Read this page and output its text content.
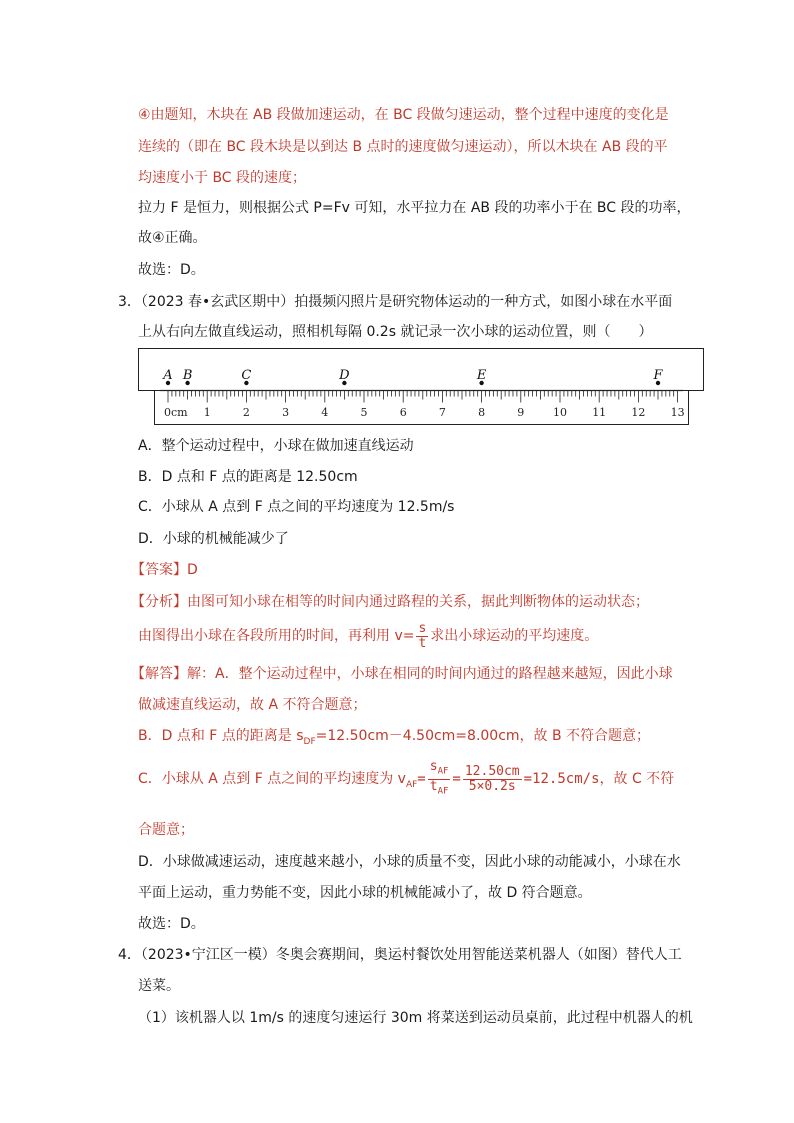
④由题知，木块在 AB 段做加速运动，在 BC 段做匀速运动，整个过程中速度的变化是
连续的（即在 BC 段木块是以到达 B 点时的速度做匀速运动），所以木块在 AB 段的平
均速度小于 BC 段的速度；
拉力 F 是恒力，则根据公式 P=Fv 可知，水平拉力在 AB 段的功率小于在 BC 段的功率，
故④正确。
故选：D。
3．（2023 春•玄武区期中）拍摄频闪照片是研究物体运动的一种方式，如图小球在水平面
上从右向左做直线运动，照相机每隔 0.2s 就记录一次小球的运动位置，则（　　）
0cm 1	2	3	4	5	6	7	8	9	10 11 12 13
A B	C	D	E	F
A．整个运动过程中，小球在做加速直线运动
B．D 点和 F 点的距离是 12.50cm
C．小球从 A 点到 F 点之间的平均速度为 12.5m/s
D．小球的机械能减少了
【答案】D
【分析】由图可知小球在相等的时间内通过路程的关系，据此判断物体的运动状态；
由图得出小球在各段所用的时间，再利用 $v= \frac{s}{t}$ 求出小球运动的平均速度。
【解答】解：A．整个运动过程中，小球在相同的时间内通过的路程越来越短，因此小球
做减速直线运动，故 A 不符合题意；
B．D 点和 F 点的距离是 $s_{DF}=12.50cm-4.50cm=8.00cm$，故 B 不符合题意；
C．小球从 A 点到 F 点之间的平均速度为 $v_{AF}= \frac{s_{AF}}{t_{AF}} = \frac{12.50cm}{5\times 0.2s} =12.5cm/s$，故 C 不符
合题意；
D．小球做减速运动，速度越来越小，小球的质量不变，因此小球的动能减小，小球在水
平面上运动，重力势能不变，因此小球的机械能减小了，故 D 符合题意。
故选：D。
4．（2023•宁江区一模）冬奥会赛期间，奥运村餐饮处用智能送菜机器人（如图）替代人工
送菜。
（1）该机器人以 1m/s 的速度匀速运行 30m 将菜送到运动员桌前，此过程中机器人的机
